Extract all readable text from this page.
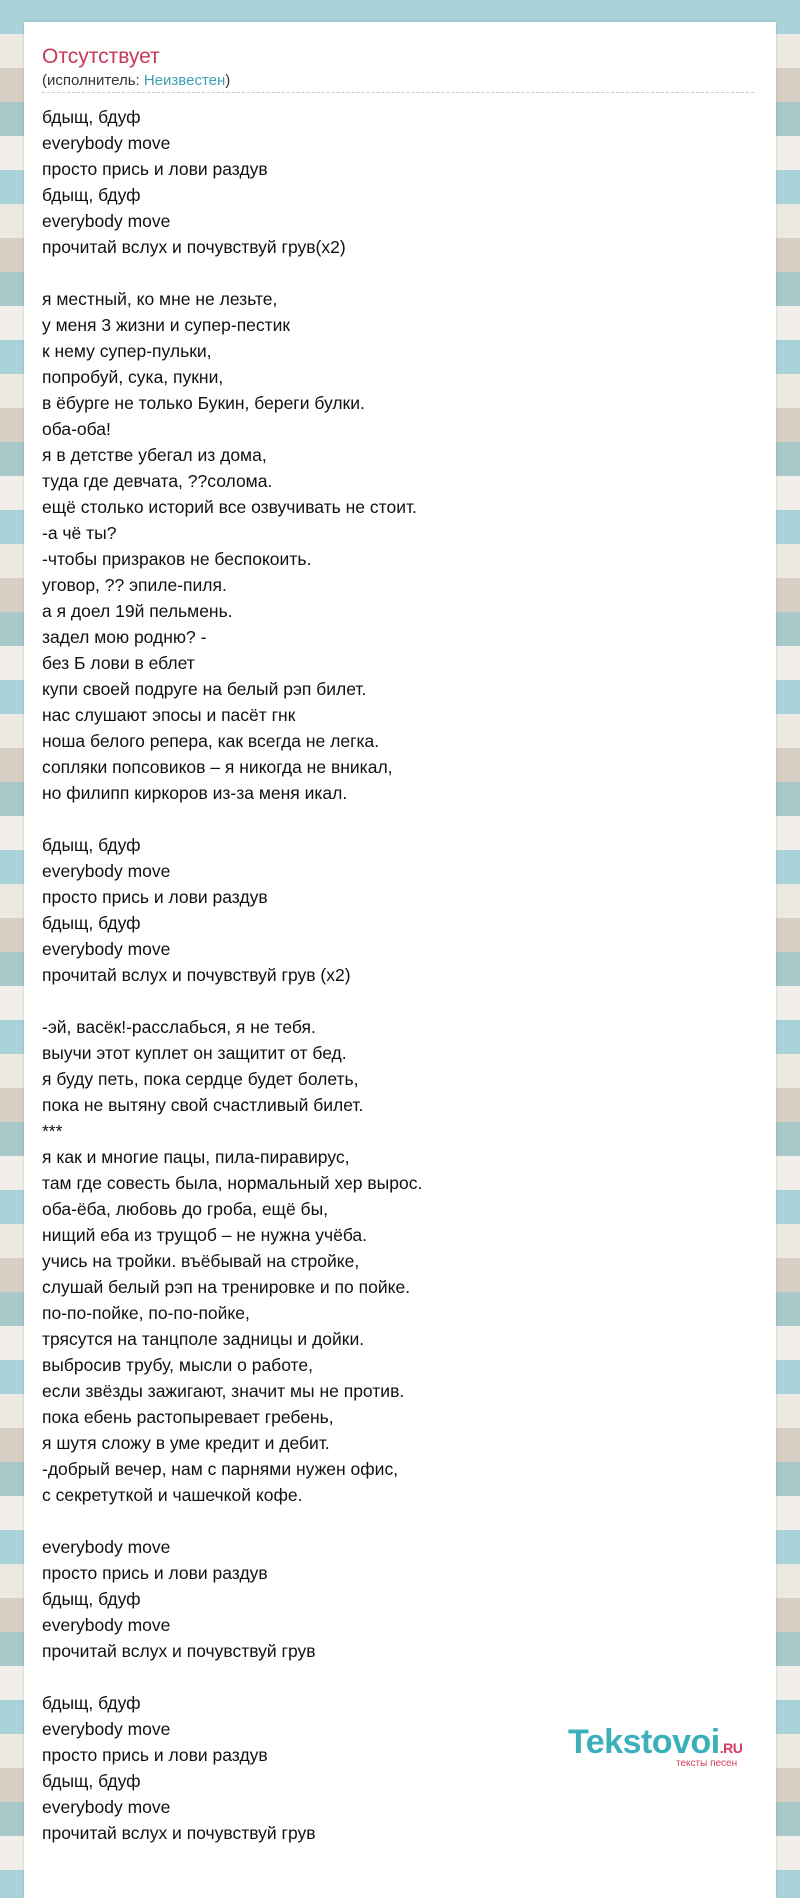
Отсутствует
(исполнитель: Неизвестен)
бдыщ, бдуф
everybody move
просто прись и лови раздув
бдыщ, бдуф
everybody move
прочитай вслух и почувствуй грув(x2)
я местный, ко мне не лезьте,
у меня 3 жизни и супер-пестик
к нему супер-пульки,
попробуй, сука, пукни,
в ёбурге не только Букин, береги булки.
оба-оба!
я в детстве убегал из дома,
туда где девчата, ??солома.
ещё столько историй все озвучивать не стоит.
-а чё ты?
-чтобы призраков не беспокоить.
уговор, ?? эпиле-пиля.
а я доел 19й пельмень.
задел мою родню? -
без Б лови в еблет
купи своей подруге на белый рэп билет.
нас слушают эпосы и пасёт гнк
ноша белого репера, как всегда не легка.
сопляки попсовиков – я никогда не вникал,
но филипп киркоров из-за меня икал.
бдыщ, бдуф
everybody move
просто прись и лови раздув
бдыщ, бдуф
everybody move
прочитай вслух и почувствуй грув (x2)
-эй, васёк!-расслабься, я не тебя.
выучи этот куплет он защитит от бед.
я буду петь, пока сердце будет болеть,
пока не вытяну свой счастливый билет.
***
я как и многие пацы, пила-пиравирус,
там где совесть была, нормальный хер вырос.
оба-ёба, любовь до гроба, ещё бы,
нищий еба из трущоб – не нужна учёба.
учись на тройки. въёбывай на стройке,
слушай белый рэп на тренировке и по пойке.
по-по-пойке, по-по-пойке,
трясутся на танцполе задницы и дойки.
выбросив трубу, мысли о работе,
если звёзды зажигают, значит мы не против.
пока ебень растопыревает гребень,
я шутя сложу в уме кредит и дебит.
-добрый вечер, нам с парнями нужен офис,
с секретуткой и чашечкой кофе.
everybody move
просто прись и лови раздув
бдыщ, бдуф
everybody move
прочитай вслух и почувствуй грув
бдыщ, бдуф
everybody move
просто прись и лови раздув
бдыщ, бдуф
everybody move
прочитай вслух и почувствуй грув
Tekstovoi.RU
тексты песен
